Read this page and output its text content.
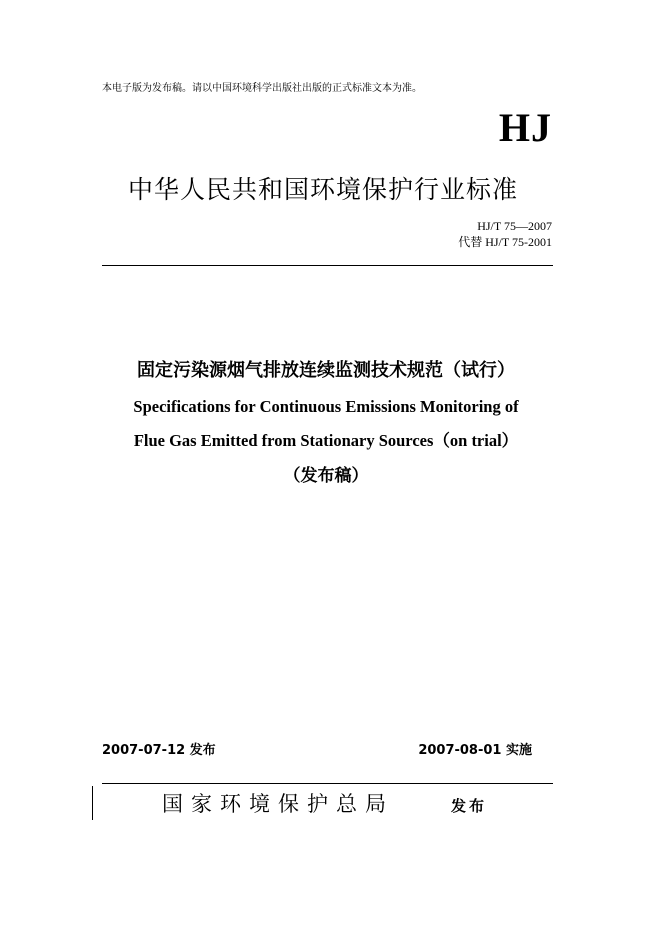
本电子版为发布稿。请以中国环境科学出版社出版的正式标准文本为准。
HJ
中华人民共和国环境保护行业标准
HJ/T 75—2007
代替 HJ/T 75-2001
固定污染源烟气排放连续监测技术规范（试行）
Specifications for Continuous Emissions Monitoring of
Flue Gas Emitted from Stationary Sources（on trial）
（发布稿）
2007-07-12 发布	2007-08-01 实施
国家环境保护总局	发布
